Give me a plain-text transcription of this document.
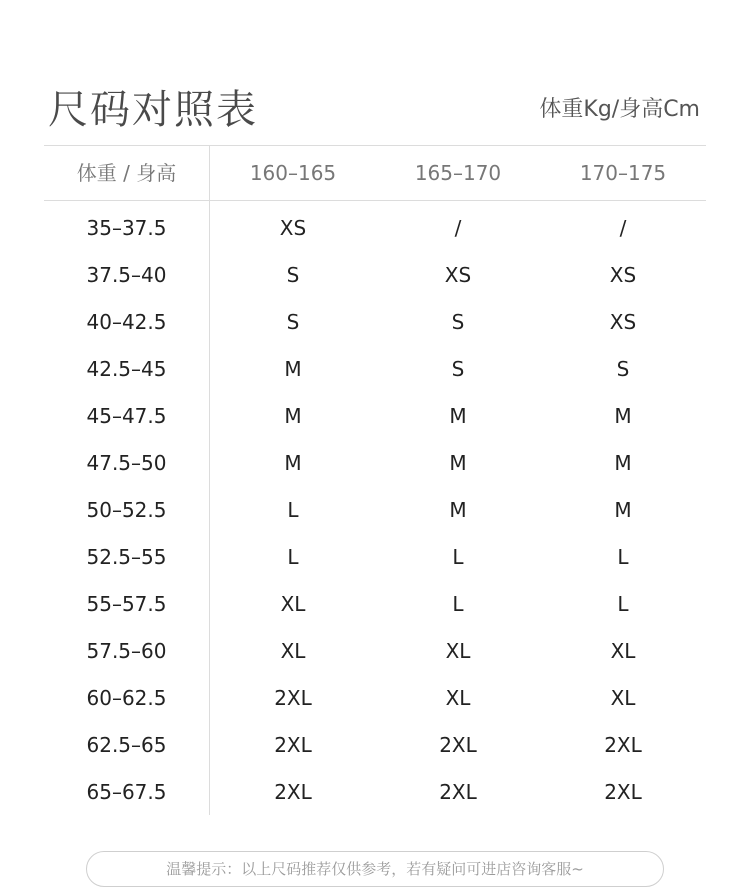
尺码对照表	体重Kg/身高Cm
体重 / 身高	160–165	165–170	170–175
35–37.5	XS	/	/
37.5–40	S	XS	XS
40–42.5	S	S	XS
42.5–45	M	S	S
45–47.5	M	M	M
47.5–50	M	M	M
50–52.5	L	M	M
52.5–55	L	L	L
55–57.5	XL	L	L
57.5–60	XL	XL	XL
60–62.5	2XL	XL	XL
62.5–65	2XL	2XL	2XL
65–67.5	2XL	2XL	2XL
温馨提示：以上尺码推荐仅供参考，若有疑问可进店咨询客服~
